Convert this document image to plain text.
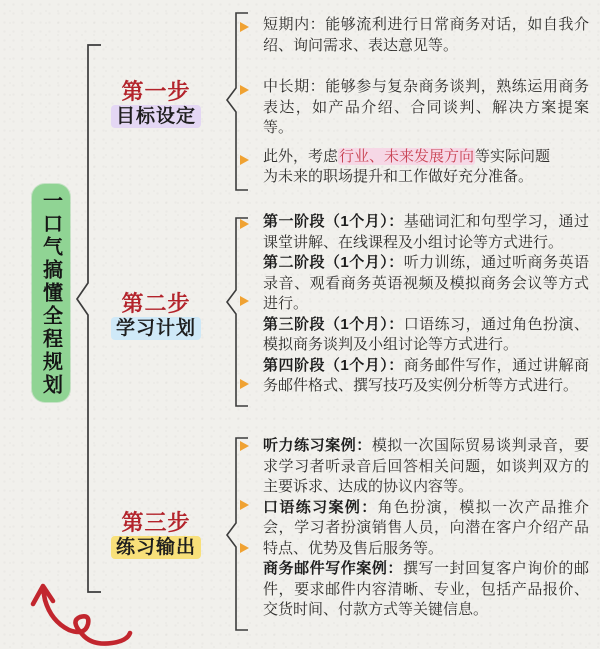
一口气搞懂全程规划
第一步
目标设定

短期内：能够流利进行日常商务对话，如自我介绍、询问需求、表达意见等。

中长期：能够参与复杂商务谈判，熟练运用商务表达，如产品介绍、合同谈判、解决方案提案等。

此外，考虑行业、未来发展方向等实际问题
为未来的职场提升和工作做好充分准备。

第二步
学习计划
第一阶段（1个月）：基础词汇和句型学习，通过课堂讲解、在线课程及小组讨论等方式进行。
第二阶段（1个月）：听力训练，通过听商务英语录音、观看商务英语视频及模拟商务会议等方式进行。
第三阶段（1个月）：口语练习，通过角色扮演、模拟商务谈判及小组讨论等方式进行。
第四阶段（1个月）：商务邮件写作，通过讲解商务邮件格式、撰写技巧及实例分析等方式进行。
第三步
练习输出
听力练习案例：模拟一次国际贸易谈判录音，要求学习者听录音后回答相关问题，如谈判双方的主要诉求、达成的协议内容等。
口语练习案例：角色扮演，模拟一次产品推介会，学习者扮演销售人员，向潜在客户介绍产品特点、优势及售后服务等。
商务邮件写作案例：撰写一封回复客户询价的邮件，要求邮件内容清晰、专业，包括产品报价、交货时间、付款方式等关键信息。
